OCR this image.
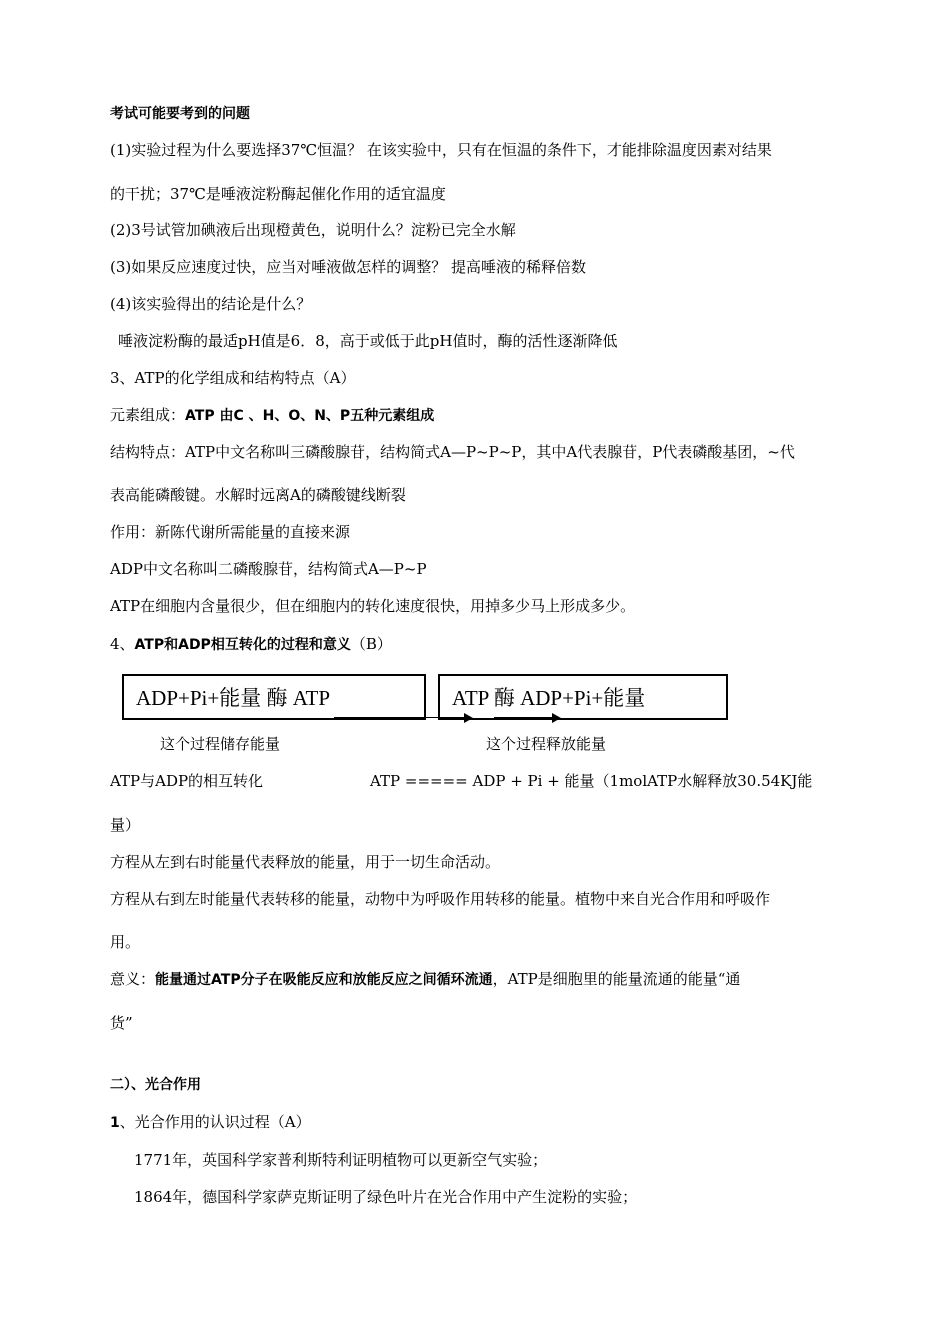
考试可能要考到的问题
(1)实验过程为什么要选择37℃恒温？ 在该实验中，只有在恒温的条件下，才能排除温度因素对结果
的干扰；37℃是唾液淀粉酶起催化作用的适宜温度
(2)3号试管加碘液后出现橙黄色，说明什么？淀粉已完全水解
(3)如果反应速度过快，应当对唾液做怎样的调整？ 提高唾液的稀释倍数
(4)该实验得出的结论是什么？
唾液淀粉酶的最适pH值是6．8，高于或低于此pH值时，酶的活性逐渐降低
3、ATP的化学组成和结构特点（A）
元素组成：ATP 由C 、H、O、N、P五种元素组成
结构特点：ATP中文名称叫三磷酸腺苷，结构简式A—P~P~P，其中A代表腺苷，P代表磷酸基团，~代
表高能磷酸键。水解时远离A的磷酸键线断裂
作用：新陈代谢所需能量的直接来源
ADP中文名称叫二磷酸腺苷，结构简式A—P~P
ATP在细胞内含量很少，但在细胞内的转化速度很快，用掉多少马上形成多少。
4、ATP和ADP相互转化的过程和意义（B）
ADP+Pi+能量 酶 ATP	ATP 酶 ADP+Pi+能量
这个过程储存能量	这个过程释放能量
ATP与ADP的相互转化	ATP ===== ADP + Pi + 能量（1molATP水解释放30.54KJ能
量）
方程从左到右时能量代表释放的能量，用于一切生命活动。
方程从右到左时能量代表转移的能量，动物中为呼吸作用转移的能量。植物中来自光合作用和呼吸作
用。
意义：能量通过ATP分子在吸能反应和放能反应之间循环流通，ATP是细胞里的能量流通的能量“通
货”
二）、光合作用
1、光合作用的认识过程（A）
1771年，英国科学家普利斯特利证明植物可以更新空气实验；
1864年，德国科学家萨克斯证明了绿色叶片在光合作用中产生淀粉的实验；
